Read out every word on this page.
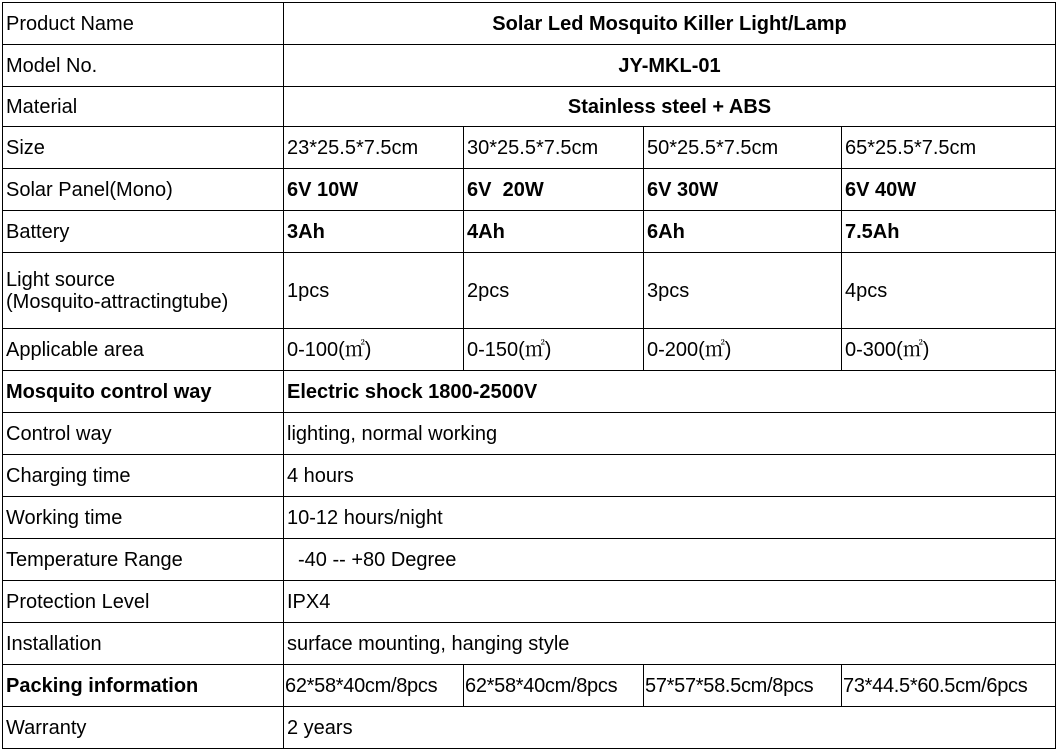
Product Name	Solar Led Mosquito Killer Light/Lamp			
Model No.	JY-MKL-01			
Material	Stainless steel + ABS			
Size	23*25.5*7.5cm	30*25.5*7.5cm	50*25.5*7.5cm	65*25.5*7.5cm
Solar Panel(Mono)	6V 10W	6V  20W	6V 30W	6V 40W
Battery	3Ah	4Ah	6Ah	7.5Ah
Light source
(Mosquito-attractingtube)	1pcs	2pcs	3pcs	4pcs
Applicable area	0-100(㎡)	0-150(㎡)	0-200(㎡)	0-300(㎡)
Mosquito control way	Electric shock 1800-2500V			
Control way	lighting, normal working			
Charging time	4 hours			
Working time	10-12 hours/night			
Temperature Range	-40 -- +80 Degree			
Protection Level	IPX4			
Installation	surface mounting, hanging style			
Packing information	62*58*40cm/8pcs	62*58*40cm/8pcs	57*57*58.5cm/8pcs	73*44.5*60.5cm/6pcs
Warranty	2 years			
